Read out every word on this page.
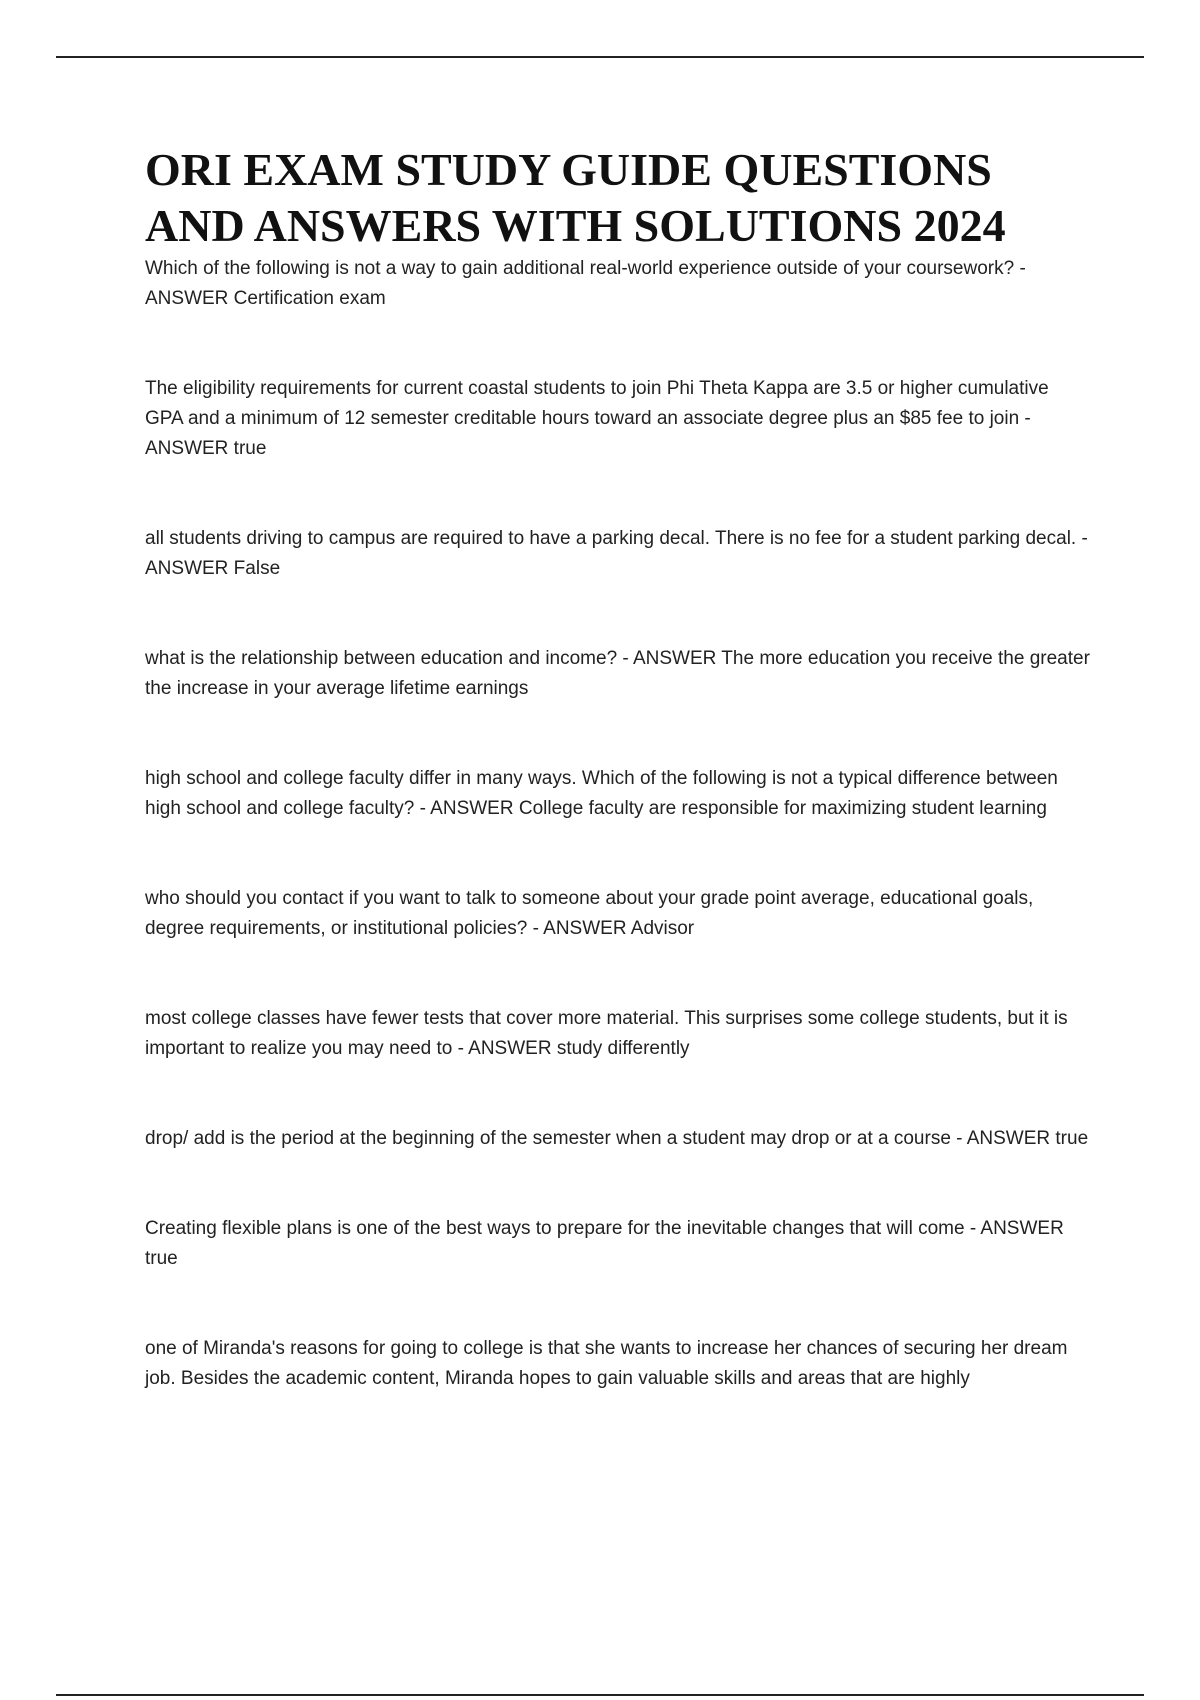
ORI EXAM STUDY GUIDE QUESTIONS AND ANSWERS WITH SOLUTIONS 2024

Which of the following is not a way to gain additional real-world experience outside of your coursework? - ANSWER Certification exam

The eligibility requirements for current coastal students to join Phi Theta Kappa are 3.5 or higher cumulative GPA and a minimum of 12 semester creditable hours toward an associate degree plus an $85 fee to join - ANSWER true

all students driving to campus are required to have a parking decal. There is no fee for a student parking decal. - ANSWER False

what is the relationship between education and income? - ANSWER The more education you receive the greater the increase in your average lifetime earnings

high school and college faculty differ in many ways. Which of the following is not a typical difference between high school and college faculty? - ANSWER College faculty are responsible for maximizing student learning

who should you contact if you want to talk to someone about your grade point average, educational goals, degree requirements, or institutional policies? - ANSWER Advisor

most college classes have fewer tests that cover more material. This surprises some college students, but it is important to realize you may need to - ANSWER study differently

drop/ add is the period at the beginning of the semester when a student may drop or at a course - ANSWER true

Creating flexible plans is one of the best ways to prepare for the inevitable changes that will come - ANSWER true

one of Miranda's reasons for going to college is that she wants to increase her chances of securing her dream job. Besides the academic content, Miranda hopes to gain valuable skills and areas that are highly
